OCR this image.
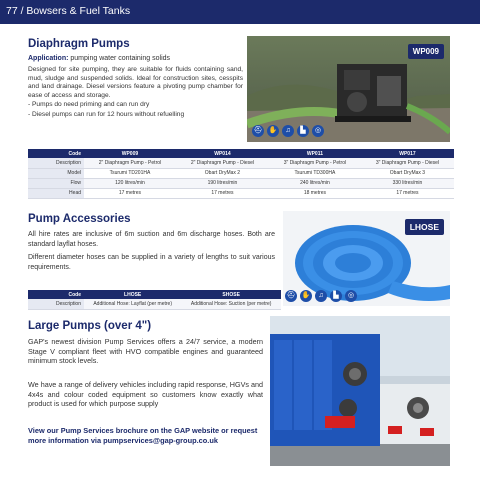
77 / Bowsers & Fuel Tanks
Diaphragm Pumps
Application: pumping water containing solids
Designed for site pumping, they are suitable for fluids containing sand, mud, sludge and suspended solids. Ideal for construction sites, cesspits and land drainage. Diesel versions feature a pivoting pump chamber for ease of access and storage.
- Pumps do need priming and can run dry
- Diesel pumps can run for 12 hours without refuelling
WP009
⛑ ✋	♫	▙	◎
Code	WP009	WP014	WP011	WP017
Description	2" Diaphragm Pump - Petrol	2" Diaphragm Pump - Diesel	3" Diaphragm Pump - Petrol	3" Diaphragm Pump - Diesel
Model	Tsurumi TD201HA	Obart DryMax 2	Tsurumi TD300HA	Obart DryMax 3
Flow	120 litres/min	190 litres/min	240 litres/min	330 litres/min
Head	17 metres	17 metres	18 metres	17 metres
Pump Accessories
All hire rates are inclusive of 6m suction and 6m discharge hoses. Both are standard layflat hoses.
Different diameter hoses can be supplied in a variety of lengths to suit various requirements.
LHOSE
Code	LHOSE	SHOSE
Description	Additional Hose: Layflat (per metre)	Additional Hose: Suction (per metre)
⛑ ✋	♫	▙	◎
Large Pumps (over 4")
GAP's newest division Pump Services offers a 24/7 service, a modern Stage V compliant fleet with HVO compatible engines and guaranteed minimum stock levels.
We have a range of delivery vehicles including rapid response, HGVs and 4x4s and colour coded equipment so customers know exactly what product is used for which purpose supply
View our Pump Services brochure on the GAP website or request more information via pumpservices@gap-group.co.uk
